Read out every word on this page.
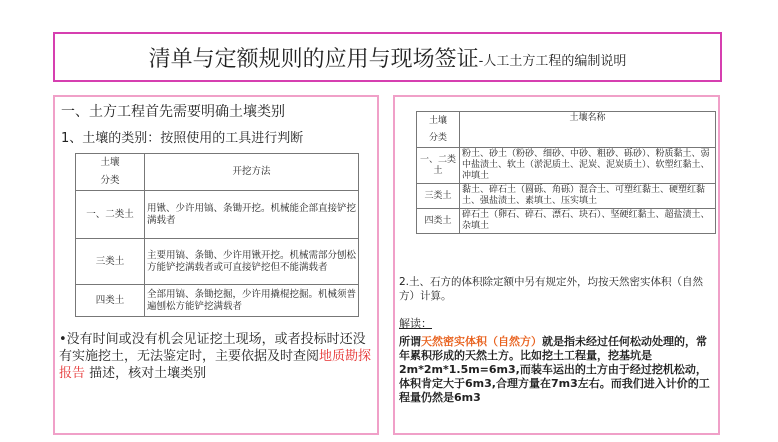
清单与定额规则的应用与现场签证 -人工土方工程的编制说明
一、土方工程首先需要明确土壤类别
1、土壤的类别：按照使用的工具进行判断
土壤
分类	开挖方法
一、二类土	用锹、少许用镐、条锄开挖。机械能企部直接铲挖满载者
三类土	主要用镐、条锄、少许用锹开挖。机械需部分刨松方能铲挖满载者或可直接铲挖但不能满载者
四类土	全部用镐、条锄挖掘，少许用撬棍挖掘。机械须普遍刨松方能铲挖满载者
•没有时间或没有机会见证挖土现场，或者投标时还没有实施挖土，无法鉴定时，主要依据及时查阅地质勘探报告 描述，核对土壤类别
土壤
分类	土壤名称
一、二类土	粉土、砂土（粉砂、细砂、中砂、粗砂、砾砂）、粉质黏土、弱中盐渍土、软土（淤泥质土、泥炭、泥炭质土）、软塑红黏土、冲填土
三类土	黏土、碎石土（圆砾、角砾）混合土、可塑红黏土、硬塑红黏土、强盐渍土、素填土、压实填土
四类土	碎石土（卵石、碎石、漂石、块石）、坚硬红黏土、超盐渍土、杂填土
2.土、石方的体积除定额中另有规定外，均按天然密实体积（自然方）计算。
解读：
所谓天然密实体积（自然方）就是指未经过任何松动处理的，常年累积形成的天然土方。比如挖土工程量，挖基坑是2m*2m*1.5m=6m3,而装车运出的土方由于经过挖机松动，体积肯定大于6m3,合理方量在7m3左右。而我们进入计价的工程量仍然是6m3
